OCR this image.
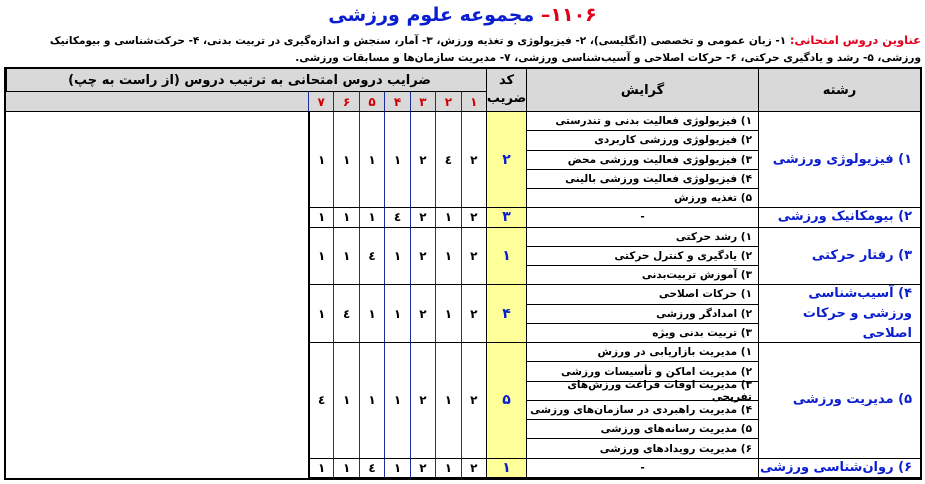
۱۱۰۶– مجموعه علوم ورزشی
عناوین دروس امتحانی: ۱- زبان عمومی و تخصصی (انگلیسی)، ۲- فیزیولوژی و تغذیه ورزش، ۳- آمار، سنجش و اندازه‌گیری در تربیت بدنی، ۴- حرکت‌شناسی و بیومکانیک ورزشی، ۵- رشد و یادگیری حرکتی، ۶- حرکات اصلاحی و آسیب‌شناسی ورزشی، ۷- مدیریت سازمان‌ها و مسابقات ورزشی.
رشته
گرایش
کد
ضریب
ضرایب دروس امتحانی به ترتیب دروس (از راست به چپ)
۱
۲
۳
۴
۵
۶
۷
۱) فیزیولوژی ورزشی
۱) فیزیولوژی فعالیت بدنی و تندرستی
۲) فیزیولوژی ورزشی کاربردی
۳) فیزیولوژی فعالیت ورزشی محض
۴) فیزیولوژی فعالیت ورزشی بالینی
۵) تغذیه ورزش
۲
۲
٤
۲
۱
۱
۱
۱
۲) بیومکانیک ورزشی
-
۳
۲
۱
۲
٤
۱
۱
۱
۳) رفتار حرکتی
۱) رشد حرکتی
۲) یادگیری و کنترل حرکتی
۳) آموزش تربیت‌بدنی
۱
۲
۱
۲
۱
٤
۱
۱
۴) آسیب‌شناسی ورزشی و حرکات اصلاحی
۱) حرکات اصلاحی
۲) امدادگر ورزشی
۳) تربیت بدنی ویژه
۴
۲
۱
۲
۱
۱
٤
۱
۵) مدیریت ورزشی
۱) مدیریت بازاریابی در ورزش
۲) مدیریت اماکن و تأسیسات ورزشی
۳) مدیریت اوقات فراغت ورزش‌های تفریحی
۴) مدیریت راهبردی در سازمان‌های ورزشی
۵) مدیریت رسانه‌های ورزشی
۶) مدیریت رویدادهای ورزشی
۵
۲
۱
۲
۱
۱
۱
٤
۶) روان‌شناسی ورزشی
-
۱
۲
۱
۲
۱
٤
۱
۱
